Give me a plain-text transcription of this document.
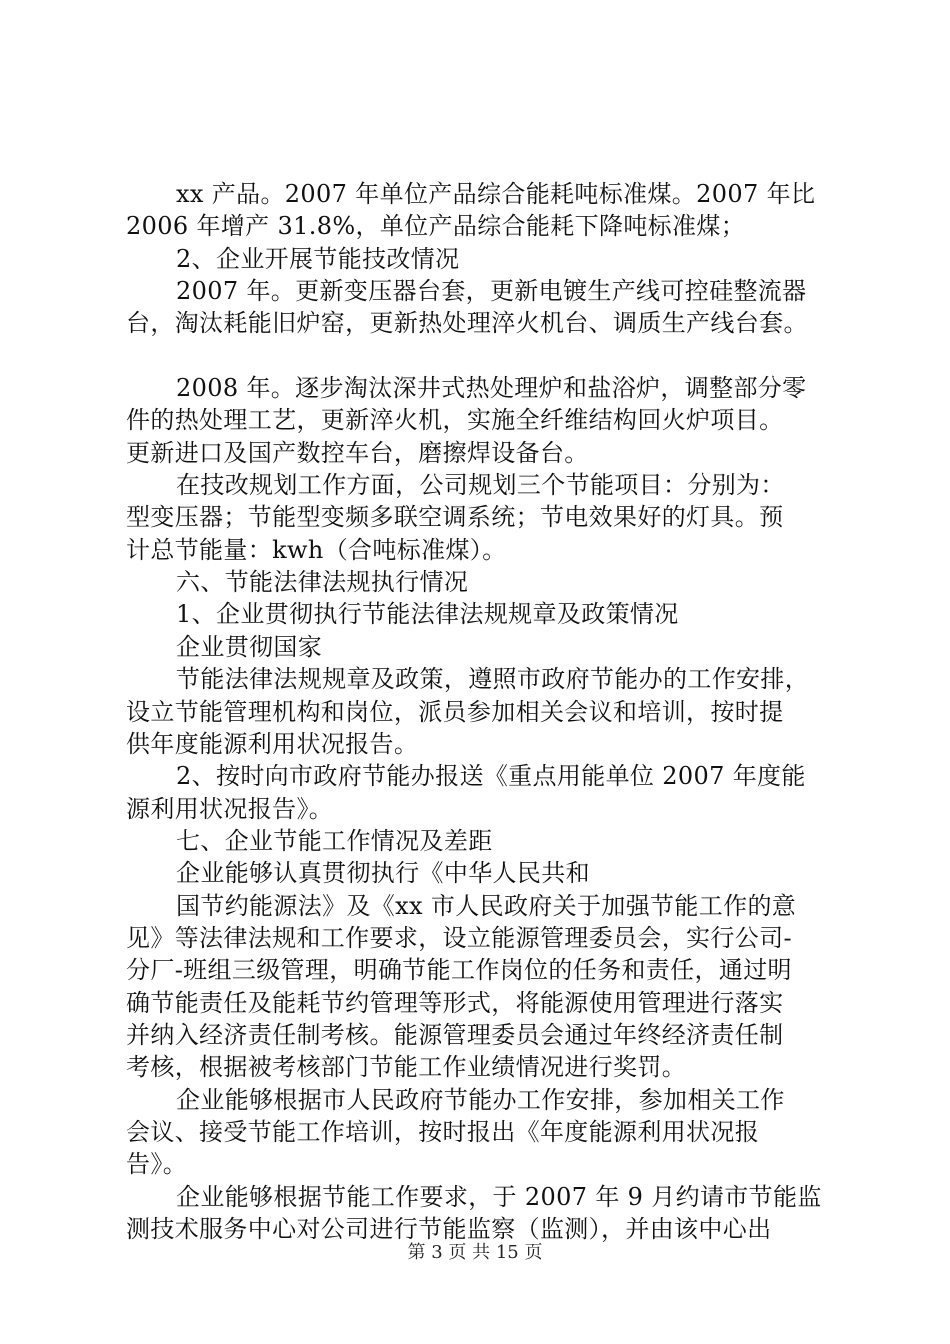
xx 产品。2007 年单位产品综合能耗吨标准煤。2007 年比
2006 年增产 31.8%，单位产品综合能耗下降吨标准煤；
2、企业开展节能技改情况
2007 年。更新变压器台套，更新电镀生产线可控硅整流器
台，淘汰耗能旧炉窑，更新热处理淬火机台、调质生产线台套。
2008 年。逐步淘汰深井式热处理炉和盐浴炉，调整部分零
件的热处理工艺，更新淬火机，实施全纤维结构回火炉项目。
更新进口及国产数控车台，磨擦焊设备台。
在技改规划工作方面，公司规划三个节能项目：分别为：
型变压器；节能型变频多联空调系统；节电效果好的灯具。预
计总节能量：kwh（合吨标准煤）。
六、节能法律法规执行情况
1、企业贯彻执行节能法律法规规章及政策情况
企业贯彻国家
节能法律法规规章及政策，遵照市政府节能办的工作安排，
设立节能管理机构和岗位，派员参加相关会议和培训，按时提
供年度能源利用状况报告。
2、按时向市政府节能办报送《重点用能单位 2007 年度能
源利用状况报告》。
七、企业节能工作情况及差距
企业能够认真贯彻执行《中华人民共和
国节约能源法》及《xx 市人民政府关于加强节能工作的意
见》等法律法规和工作要求，设立能源管理委员会，实行公司-
分厂-班组三级管理，明确节能工作岗位的任务和责任，通过明
确节能责任及能耗节约管理等形式，将能源使用管理进行落实
并纳入经济责任制考核。能源管理委员会通过年终经济责任制
考核，根据被考核部门节能工作业绩情况进行奖罚。
企业能够根据市人民政府节能办工作安排，参加相关工作
会议、接受节能工作培训，按时报出《年度能源利用状况报
告》。
企业能够根据节能工作要求，于 2007 年 9 月约请市节能监
测技术服务中心对公司进行节能监察（监测），并由该中心出
第 3 页 共 15 页
